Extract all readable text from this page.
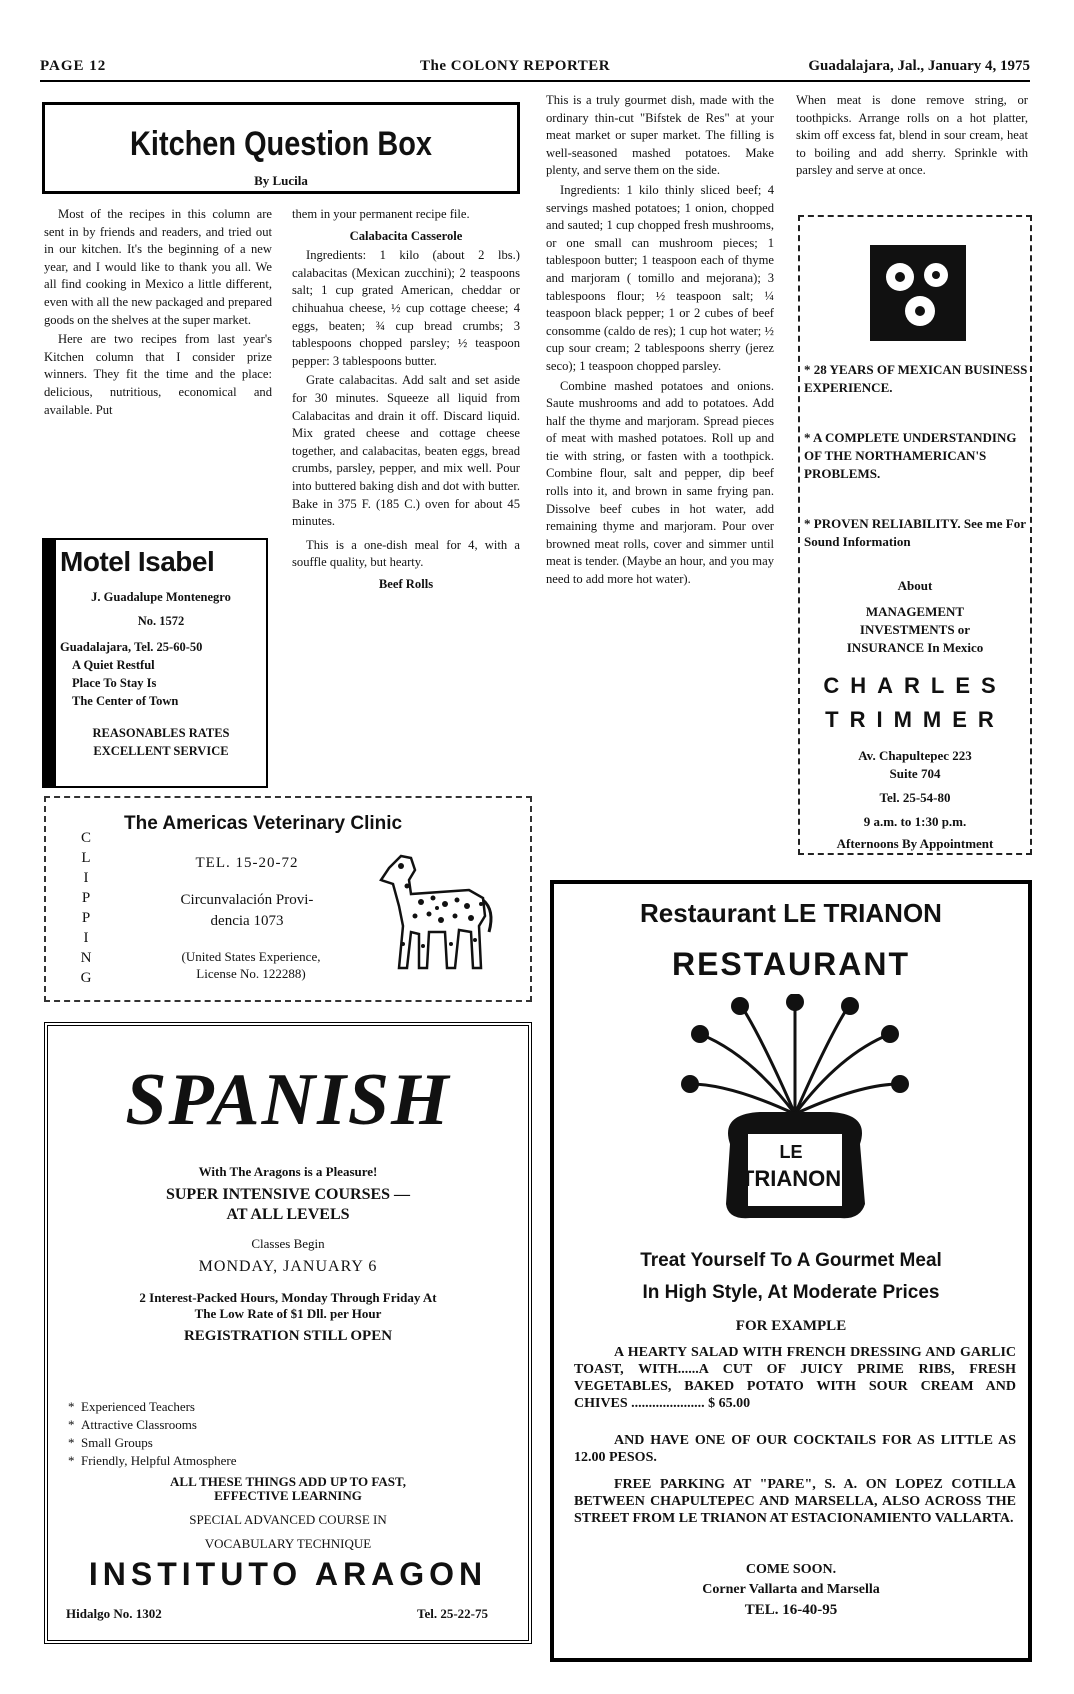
PAGE 12	The COLONY REPORTER	Guadalajara, Jal., January 4, 1975
Kitchen Question Box
By Lucila

Most of the recipes in this column are sent in by friends and readers, and tried out in our kitchen. It's the beginning of a new year, and I would like to thank you all. We all find cooking in Mexico a little different, even with all the new packaged and prepared goods on the shelves at the super market.

Here are two recipes from last year's Kitchen column that I consider prize winners. They fit the time and the place: delicious, nutritious, economical and available. Put

them in your permanent recipe file.

Calabacita Casserole

Ingredients: 1 kilo (about 2 lbs.) calabacitas (Mexican zucchini); 2 teaspoons salt; 1 cup grated American, cheddar or chihuahua cheese, ½ cup cottage cheese; 4 eggs, beaten; ¾ cup bread crumbs; 3 tablespoons chopped parsley; ½ teaspoon pepper: 3 tablespoons butter.

Grate calabacitas. Add salt and set aside for 30 minutes. Squeeze all liquid from Calabacitas and drain it off. Discard liquid. Mix grated cheese and cottage cheese together, and calabacitas, beaten eggs, bread crumbs, parsley, pepper, and mix well. Pour into buttered baking dish and dot with butter. Bake in 375 F. (185 C.) oven for about 45 minutes.

This is a one-dish meal for 4, with a souffle quality, but hearty.

Beef Rolls

This is a truly gourmet dish, made with the ordinary thin-cut "Bifstek de Res" at your meat market or super market. The filling is well-seasoned mashed potatoes. Make plenty, and serve them on the side.

Ingredients: 1 kilo thinly sliced beef; 4 servings mashed potatoes; 1 onion, chopped and sauted; 1 cup chopped fresh mushrooms, or one small can mushroom pieces; 1 tablespoon butter; 1 teaspoon each of thyme and marjoram ( tomillo and mejorana); 3 tablespoons flour; ½ teaspoon salt; ¼ teaspoon black pepper; 1 or 2 cubes of beef consomme (caldo de res); 1 cup hot water; ½ cup sour cream; 2 tablespoons sherry (jerez seco); 1 teaspoon chopped parsley.

Combine mashed potatoes and onions. Saute mushrooms and add to potatoes. Add half the thyme and marjoram. Spread pieces of meat with mashed potatoes. Roll up and tie with string, or fasten with a toothpick. Combine flour, salt and pepper, dip beef rolls into it, and brown in same frying pan. Dissolve beef cubes in hot water, add remaining thyme and marjoram. Pour over browned meat rolls, cover and simmer until meat is tender. (Maybe an hour, and you may need to add more hot water).

When meat is done remove string, or toothpicks. Arrange rolls on a hot platter, skim off excess fat, blend in sour cream, heat to boiling and add sherry. Sprinkle with parsley and serve at once.

Motel Isabel
J. Guadalupe Montenegro
No. 1572
Guadalajara, Tel. 25-60-50
A Quiet Restful
Place To Stay Is
The Center of Town
REASONABLES RATES
EXCELLENT SERVICE
The Americas Veterinary Clinic
C
L
I
P
P
I
N
G
TEL. 15-20-72
Circunvalación Provi-
dencia 1073
(United States Experience,
License No. 122288)
SPANISH
With The Aragons is a Pleasure!
SUPER INTENSIVE COURSES —
AT ALL LEVELS
Classes Begin
MONDAY, JANUARY 6
2 Interest-Packed Hours, Monday Through Friday At
The Low Rate of $1 Dll. per Hour
REGISTRATION STILL OPEN
*  Experienced Teachers
*  Attractive Classrooms
*  Small Groups
*  Friendly, Helpful Atmosphere
ALL THESE THINGS ADD UP TO FAST,
EFFECTIVE LEARNING
SPECIAL ADVANCED COURSE IN
VOCABULARY TECHNIQUE
INSTITUTO ARAGON
Hidalgo No. 1302	Tel. 25-22-75
* 28 YEARS OF MEXICAN BUSINESS EXPERIENCE.
* A COMPLETE UNDERSTANDING OF THE NORTHAMERICAN'S PROBLEMS.
* PROVEN RELIABILITY. See me For Sound Information
About
MANAGEMENT
INVESTMENTS or
INSURANCE In Mexico
CHARLES
TRIMMER
Av. Chapultepec 223
Suite 704
Tel. 25-54-80
9 a.m. to 1:30 p.m.
Afternoons By Appointment
Restaurant LE TRIANON
RESTAURANT
LE
TRIANON
Treat Yourself To A Gourmet Meal
In High Style, At Moderate Prices
FOR EXAMPLE
A HEARTY SALAD WITH FRENCH DRESSING AND GARLIC TOAST, WITH......A CUT OF JUICY PRIME RIBS, FRESH VEGETABLES, BAKED POTATO WITH SOUR CREAM AND CHIVES ..................... $ 65.00
AND HAVE ONE OF OUR COCKTAILS FOR AS LITTLE AS 12.00 PESOS.
FREE PARKING AT "PARE", S. A. ON LOPEZ COTILLA BETWEEN CHAPULTEPEC AND MARSELLA, ALSO ACROSS THE STREET FROM LE TRIANON AT ESTACIONAMIENTO VALLARTA.
COME SOON.
Corner Vallarta and Marsella
TEL. 16-40-95
